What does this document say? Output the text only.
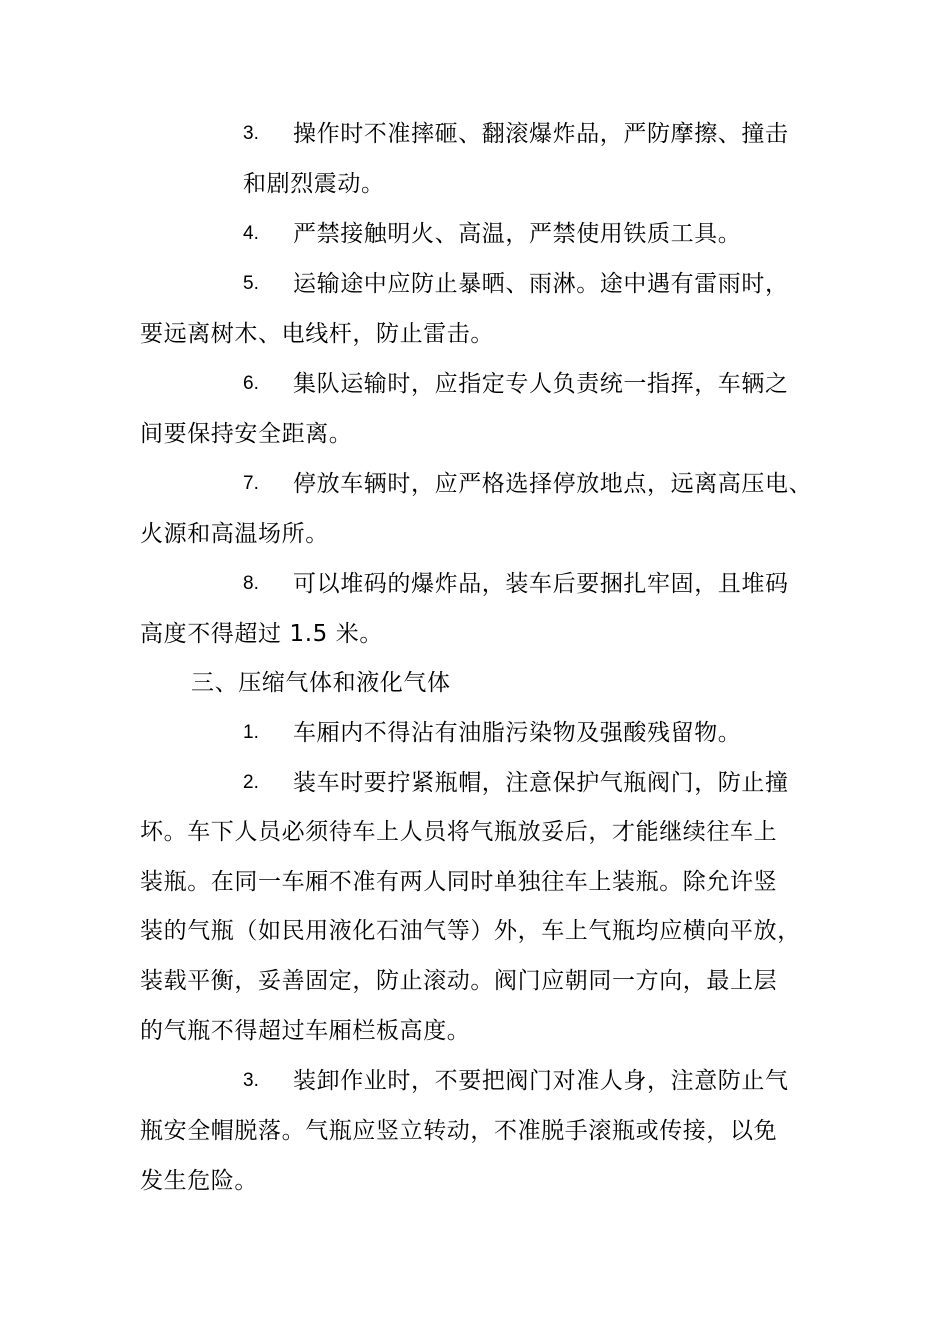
3. 操作时不准摔砸、翻滚爆炸品，严防摩擦、撞击
和剧烈震动。
4. 严禁接触明火、高温，严禁使用铁质工具。
5. 运输途中应防止暴晒、雨淋。途中遇有雷雨时，
要远离树木、电线杆，防止雷击。
6. 集队运输时，应指定专人负责统一指挥，车辆之
间要保持安全距离。
7. 停放车辆时，应严格选择停放地点，远离高压电、
火源和高温场所。
8. 可以堆码的爆炸品，装车后要捆扎牢固，且堆码
高度不得超过 1.5 米。
三、压缩气体和液化气体
1. 车厢内不得沾有油脂污染物及强酸残留物。
2. 装车时要拧紧瓶帽，注意保护气瓶阀门，防止撞
坏。车下人员必须待车上人员将气瓶放妥后，才能继续往车上
装瓶。在同一车厢不准有两人同时单独往车上装瓶。除允许竖
装的气瓶（如民用液化石油气等）外，车上气瓶均应横向平放，
装载平衡，妥善固定，防止滚动。阀门应朝同一方向，最上层
的气瓶不得超过车厢栏板高度。
3. 装卸作业时，不要把阀门对准人身，注意防止气
瓶安全帽脱落。气瓶应竖立转动，不准脱手滚瓶或传接，以免
发生危险。
